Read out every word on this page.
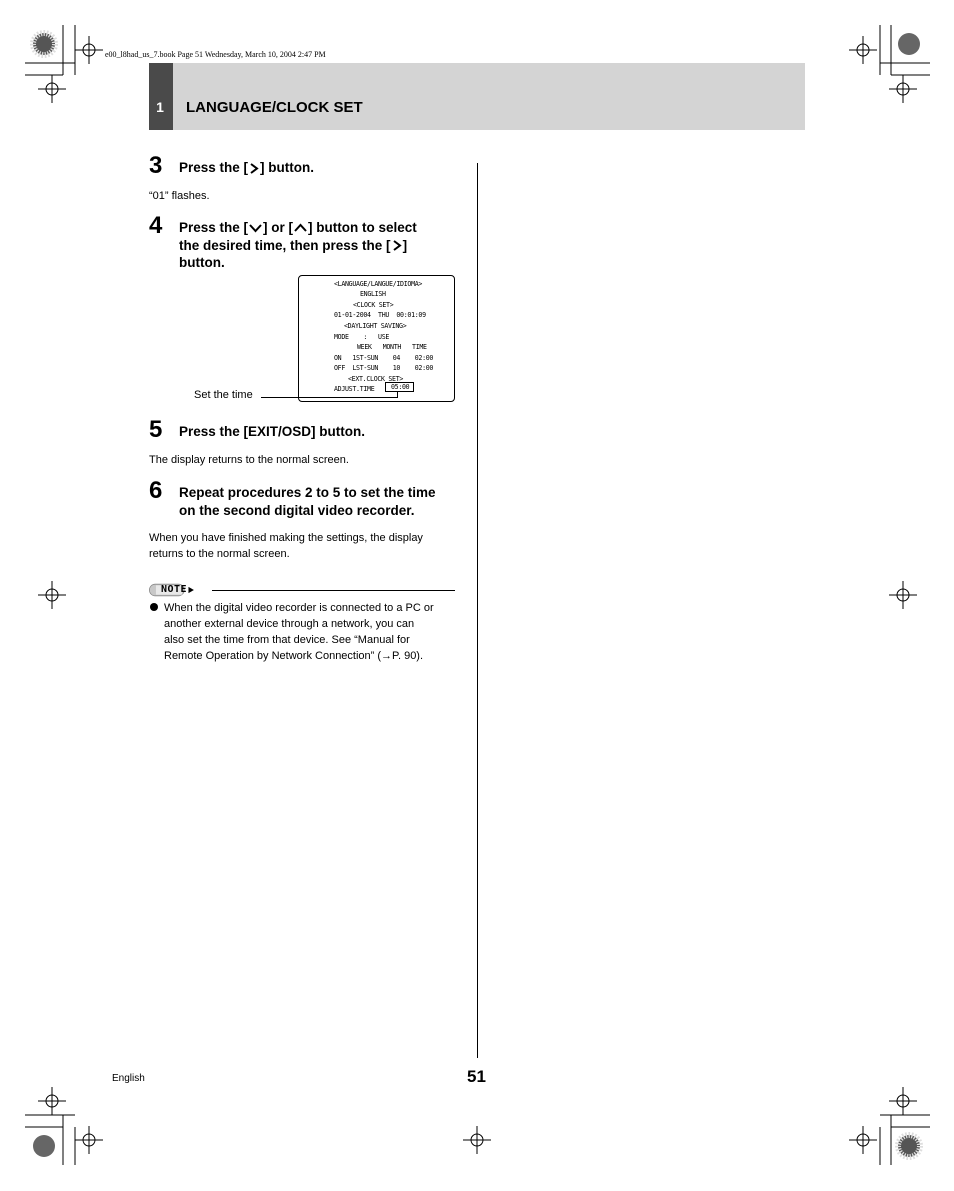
e00_l8had_us_7.book Page 51 Wednesday, March 10, 2004 2:47 PM
1	LANGUAGE/CLOCK SET
3 Press the [ ] button.
“01” flashes.
4 Press the [ ] or [ ] button to select
the desired time, then press the [ ]
button.
<LANGUAGE/LANGUE/IDIOMA>
ENGLISH
<CLOCK SET>
01-01-2004  THU  00:01:09
<DAYLIGHT SAVING>
MODE    :   USE
WEEK   MONTH   TIME
ON   1ST-SUN    04    02:00
OFF  LST-SUN    10    02:00
<EXT.CLOCK SET>
ADJUST.TIME	05:00
Set the time
5 Press the [EXIT/OSD] button.
The display returns to the normal screen.
6 Repeat procedures 2 to 5 to set the time
on the second digital video recorder.
When you have finished making the settings, the display
returns to the normal screen.
NOTE
When the digital video recorder is connected to a PC or
another external device through a network, you can
also set the time from that device. See “Manual for
Remote Operation by Network Connection” (→P. 90).
English	51
